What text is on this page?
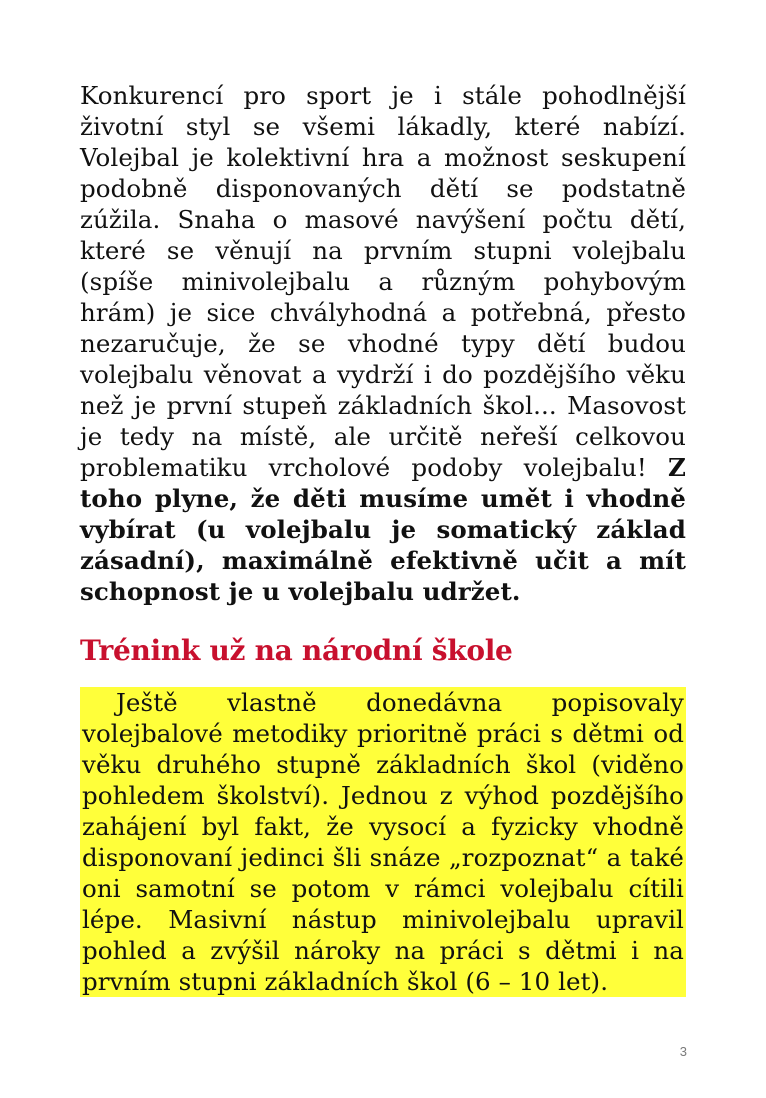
Konkurencí pro sport je i stále pohodlnější životní styl se všemi lákadly, které nabízí. Volejbal je kolektivní hra a možnost seskupení podobně disponovaných dětí se podstatně zúžila. Snaha o masové navýšení počtu dětí, které se věnují na prvním stupni volejbalu (spíše minivolejbalu a různým pohybovým hrám) je sice chvályhodná a potřebná, přesto nezaručuje, že se vhodné typy dětí budou volejbalu věnovat a vydrží i do pozdějšího věku než je první stupeň základních škol... Masovost je tedy na místě, ale určitě neřeší celkovou problematiku vrcholové podoby volejbalu! Z toho plyne, že děti musíme umět i vhodně vybírat (u volejbalu je somatický základ zásadní), maximálně efektivně učit a mít schopnost je u volejbalu udržet.

Trénink už na národní škole

Ještě vlastně donedávna popisovaly volejbalové metodiky prioritně práci s dětmi od věku druhého stupně základních škol (viděno pohledem školství). Jednou z výhod pozdějšího zahájení byl fakt, že vysocí a fyzicky vhodně disponovaní jedinci šli snáze „rozpoznat“ a také oni samotní se potom v rámci volejbalu cítili lépe. Masivní nástup minivolejbalu upravil pohled a zvýšil nároky na práci s dětmi i na prvním stupni základních škol (6 – 10 let).

3
